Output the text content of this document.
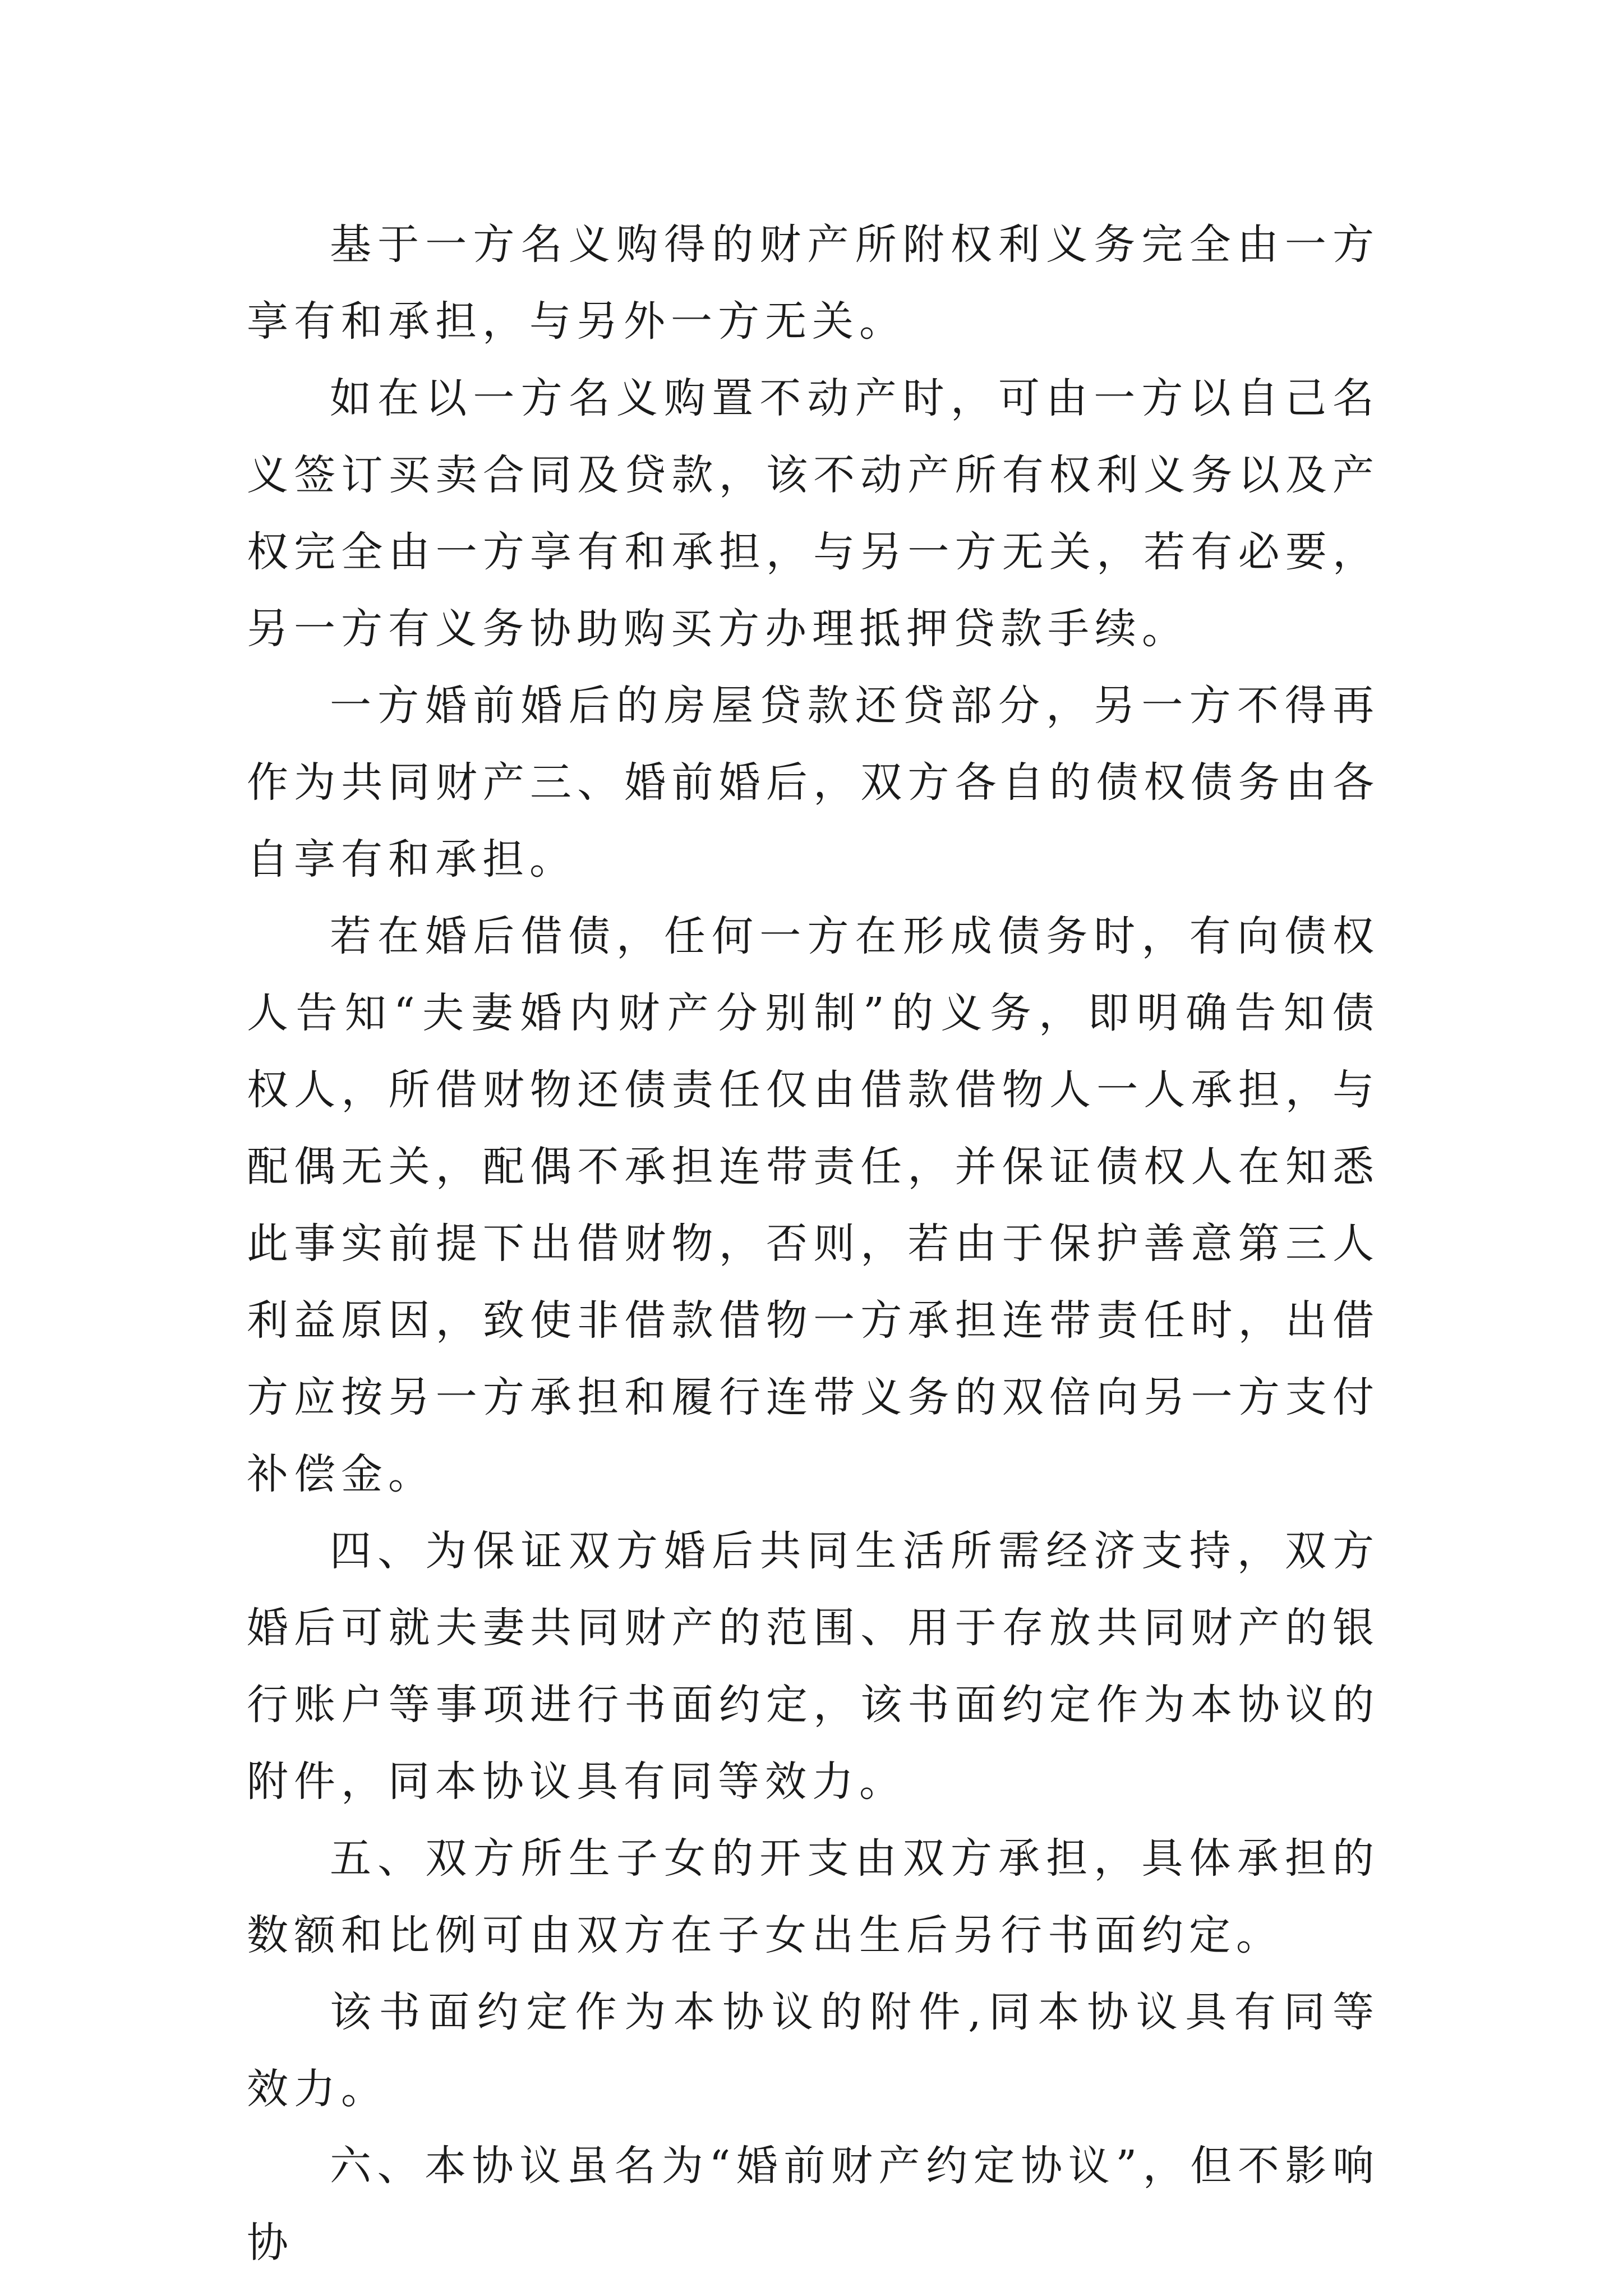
基于一方名义购得的财产所附权利义务完全由一方享有和承担，与另外一方无关。

如在以一方名义购置不动产时，可由一方以自己名义签订买卖合同及贷款，该不动产所有权利义务以及产权完全由一方享有和承担，与另一方无关，若有必要，另一方有义务协助购买方办理抵押贷款手续。

一方婚前婚后的房屋贷款还贷部分，另一方不得再作为共同财产三、婚前婚后，双方各自的债权债务由各自享有和承担。

若在婚后借债，任何一方在形成债务时，有向债权人告知“夫妻婚内财产分别制”的义务，即明确告知债权人，所借财物还债责任仅由借款借物人一人承担，与配偶无关，配偶不承担连带责任，并保证债权人在知悉此事实前提下出借财物，否则，若由于保护善意第三人利益原因，致使非借款借物一方承担连带责任时，出借方应按另一方承担和履行连带义务的双倍向另一方支付补偿金。

四、为保证双方婚后共同生活所需经济支持，双方婚后可就夫妻共同财产的范围、用于存放共同财产的银行账户等事项进行书面约定，该书面约定作为本协议的附件，同本协议具有同等效力。

五、双方所生子女的开支由双方承担，具体承担的数额和比例可由双方在子女出生后另行书面约定。

该书面约定作为本协议的附件,同本协议具有同等效力。

六、本协议虽名为“婚前财产约定协议”，但不影响协
